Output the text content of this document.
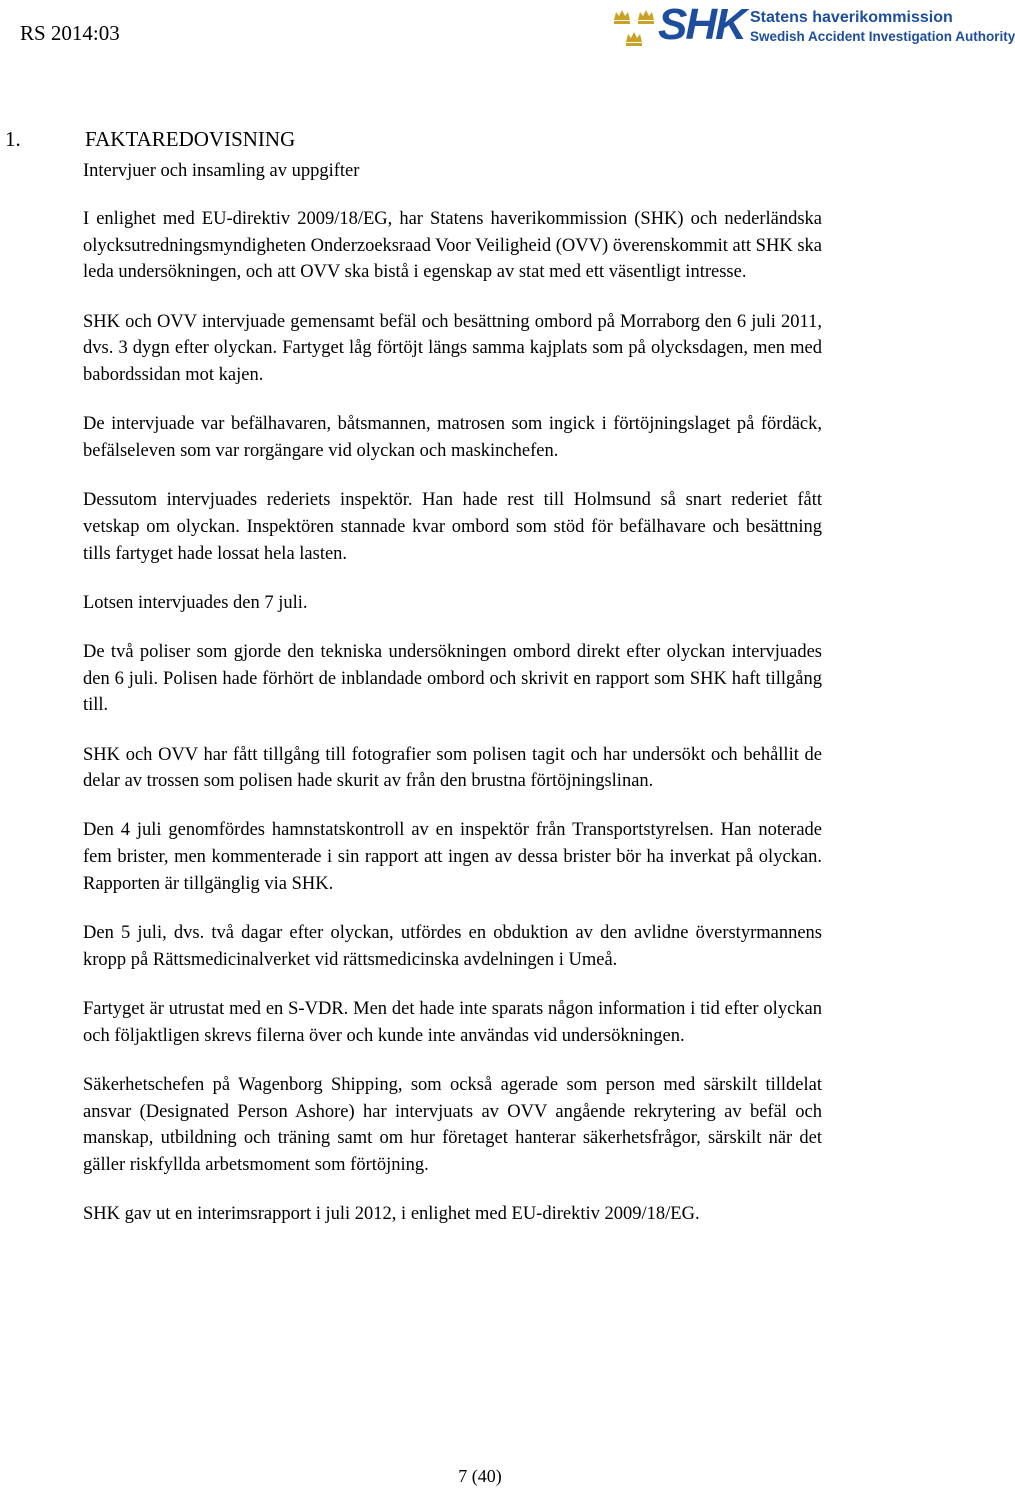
RS 2014:03	SHK Statens haverikommission
Swedish Accident Investigation Authority
1.	FAKTAREDOVISNING
Intervjuer och insamling av uppgifter

I enlighet med EU-direktiv 2009/18/EG, har Statens haverikommission (SHK) och nederländska olycksutredningsmyndigheten Onderzoeksraad Voor Veiligheid (OVV) överenskommit att SHK ska leda undersökningen, och att OVV ska bistå i egenskap av stat med ett väsentligt intresse.

SHK och OVV intervjuade gemensamt befäl och besättning ombord på Morraborg den 6 juli 2011, dvs. 3 dygn efter olyckan. Fartyget låg förtöjt längs samma kajplats som på olycksdagen, men med babordssidan mot kajen.

De intervjuade var befälhavaren, båtsmannen, matrosen som ingick i förtöjningslaget på fördäck, befälseleven som var rorgängare vid olyckan och maskinchefen.

Dessutom intervjuades rederiets inspektör. Han hade rest till Holmsund så snart rederiet fått vetskap om olyckan. Inspektören stannade kvar ombord som stöd för befälhavare och besättning tills fartyget hade lossat hela lasten.

Lotsen intervjuades den 7 juli.

De två poliser som gjorde den tekniska undersökningen ombord direkt efter olyckan intervjuades den 6 juli. Polisen hade förhört de inblandade ombord och skrivit en rapport som SHK haft tillgång till.

SHK och OVV har fått tillgång till fotografier som polisen tagit och har undersökt och behållit de delar av trossen som polisen hade skurit av från den brustna förtöjningslinan.

Den 4 juli genomfördes hamnstatskontroll av en inspektör från Transportstyrelsen. Han noterade fem brister, men kommenterade i sin rapport att ingen av dessa brister bör ha inverkat på olyckan. Rapporten är tillgänglig via SHK.

Den 5 juli, dvs. två dagar efter olyckan, utfördes en obduktion av den avlidne överstyrmannens kropp på Rättsmedicinalverket vid rättsmedicinska avdelningen i Umeå.

Fartyget är utrustat med en S-VDR. Men det hade inte sparats någon information i tid efter olyckan och följaktligen skrevs filerna över och kunde inte användas vid undersökningen.

Säkerhetschefen på Wagenborg Shipping, som också agerade som person med särskilt tilldelat ansvar (Designated Person Ashore) har intervjuats av OVV angående rekrytering av befäl och manskap, utbildning och träning samt om hur företaget hanterar säkerhetsfrågor, särskilt när det gäller riskfyllda arbetsmoment som förtöjning.

SHK gav ut en interimsrapport i juli 2012, i enlighet med EU-direktiv 2009/18/EG.

7 (40)
